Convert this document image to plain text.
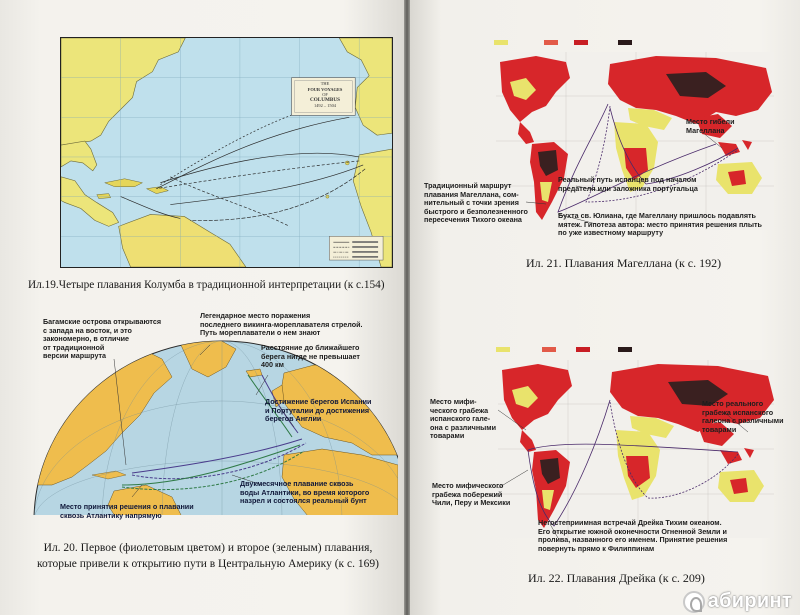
THE
FOUR VOYAGES
OF
COLUMBUS
1492 – 1504
Ил.19.Четыре плавания Колумба в традиционной интерпретации (к с.154)
Багамские острова открываются
с запада на восток, и это
закономерно, в отличие
от традиционной
версии маршрута
Легендарное место поражения
последнего викинга-мореплавателя стрелой.
Путь мореплаватели о нем знают
Расстояние до ближайшего
берега нигде не превышает
400 км
Достижение берегов Испании
и Португалии до достижения
берегов Англии
Двукмесячное плавание сквозь
воды Атлантики, во время которого
назрел и состоялся реальный бунт
Место принятия решения о плавании
сквозь Атлантику напрямую
Ил. 20. Первое (фиолетовым цветом) и второе (зеленым) плавания,
которые привели к открытию пути в Центральную Америку (к с. 169)
Традиционный маршрут
плавания Магеллана, сом-
нительный с точки зрения
быстрого и безполезненного
пересечения Тихого океана
Реальный путь испанцев под началом
предателя или заложника португальца
Бухта св. Юлиана, где Магеллану пришлось подавлять
мятеж. Гипотеза автора: место принятия решения плыть
по уже известному маршруту
Место гибели
Магеллана
Ил. 21. Плавания Магеллана (к с. 192)
Место мифи-
ческого грабежа
испанского гале-
она с различными
товарами
Место реального
грабежа испанского
галеона с различными
товарами
Место мифического
грабежа побережий
Чили, Перу и Мексики
Негостеприимная встречай Дрейка Тихим океаном.
Его открытие южной оконечности Огненной Земли и
пролива, названного его именем. Принятие решения
повернуть прямо к Филиппинам
Ил. 22. Плавания Дрейка (к с. 209)
абиринт
